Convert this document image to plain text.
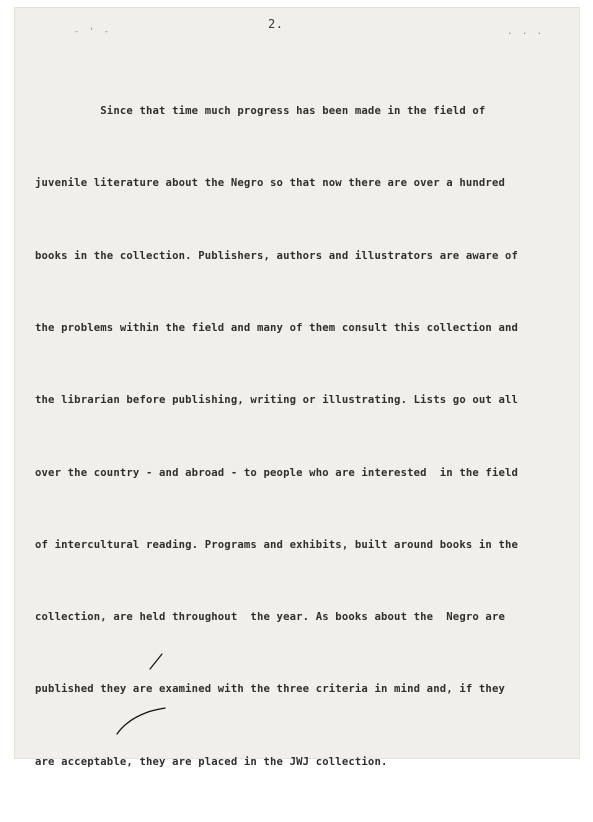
- ' -
2.
. . .

Since that time much progress has been made in the field of

juvenile literature about the Negro so that now there are over a hundred

books in the collection. Publishers, authors and illustrators are aware of

the problems within the field and many of them consult this collection and

the librarian before publishing, writing or illustrating. Lists go out all

over the country - and abroad - to people who are interested  in the field

of intercultural reading. Programs and exhibits, built around books in the

collection, are held throughout  the year. As books about the  Negro are

published they are examined with the three criteria in mind and, if they

are acceptable, they are placed in the JWJ collection.
